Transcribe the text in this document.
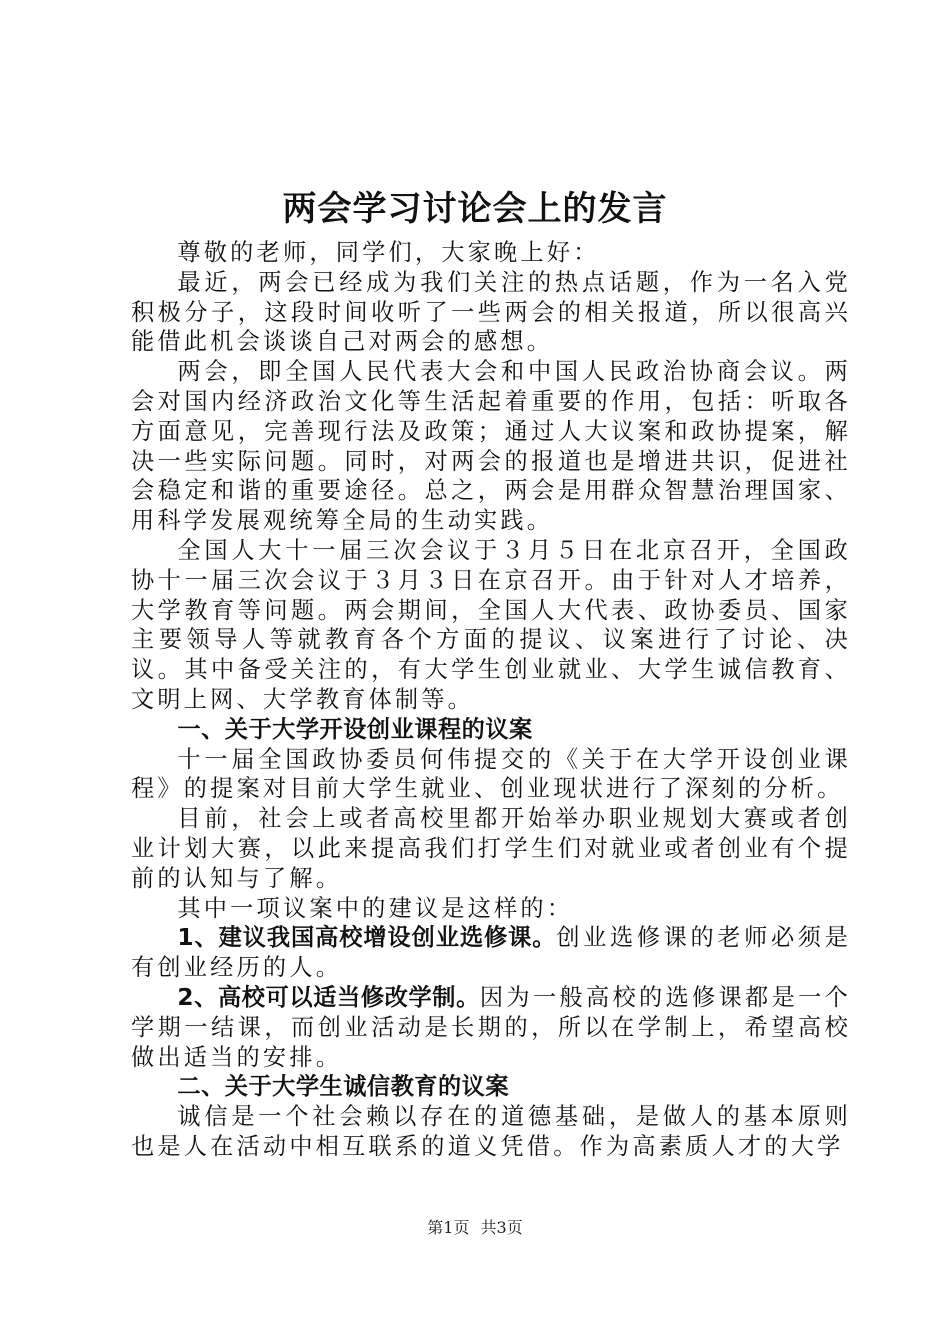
两会学习讨论会上的发言

尊敬的老师，同学们，大家晚上好：

最近，两会已经成为我们关注的热点话题，作为一名入党积极分子，这段时间收听了一些两会的相关报道，所以很高兴能借此机会谈谈自己对两会的感想。

两会，即全国人民代表大会和中国人民政治协商会议。两会对国内经济政治文化等生活起着重要的作用，包括：听取各方面意见，完善现行法及政策；通过人大议案和政协提案，解决一些实际问题。同时，对两会的报道也是增进共识，促进社会稳定和谐的重要途径。总之，两会是用群众智慧治理国家、用科学发展观统筹全局的生动实践。

全国人大十一届三次会议于３月５日在北京召开，全国政协十一届三次会议于３月３日在京召开。由于针对人才培养，大学教育等问题。两会期间，全国人大代表、政协委员、国家主要领导人等就教育各个方面的提议、议案进行了讨论、决议。其中备受关注的，有大学生创业就业、大学生诚信教育、文明上网、大学教育体制等。

一、关于大学开设创业课程的议案

十一届全国政协委员何伟提交的《关于在大学开设创业课程》的提案对目前大学生就业、创业现状进行了深刻的分析。

目前，社会上或者高校里都开始举办职业规划大赛或者创业计划大赛，以此来提高我们打学生们对就业或者创业有个提前的认知与了解。

其中一项议案中的建议是这样的：

1、建议我国高校增设创业选修课。创业选修课的老师必须是有创业经历的人。

2、高校可以适当修改学制。因为一般高校的选修课都是一个学期一结课，而创业活动是长期的，所以在学制上，希望高校做出适当的安排。

二、关于大学生诚信教育的议案

诚信是一个社会赖以存在的道德基础，是做人的基本原则也是人在活动中相互联系的道义凭借。作为高素质人才的大学

第1页 共3页
